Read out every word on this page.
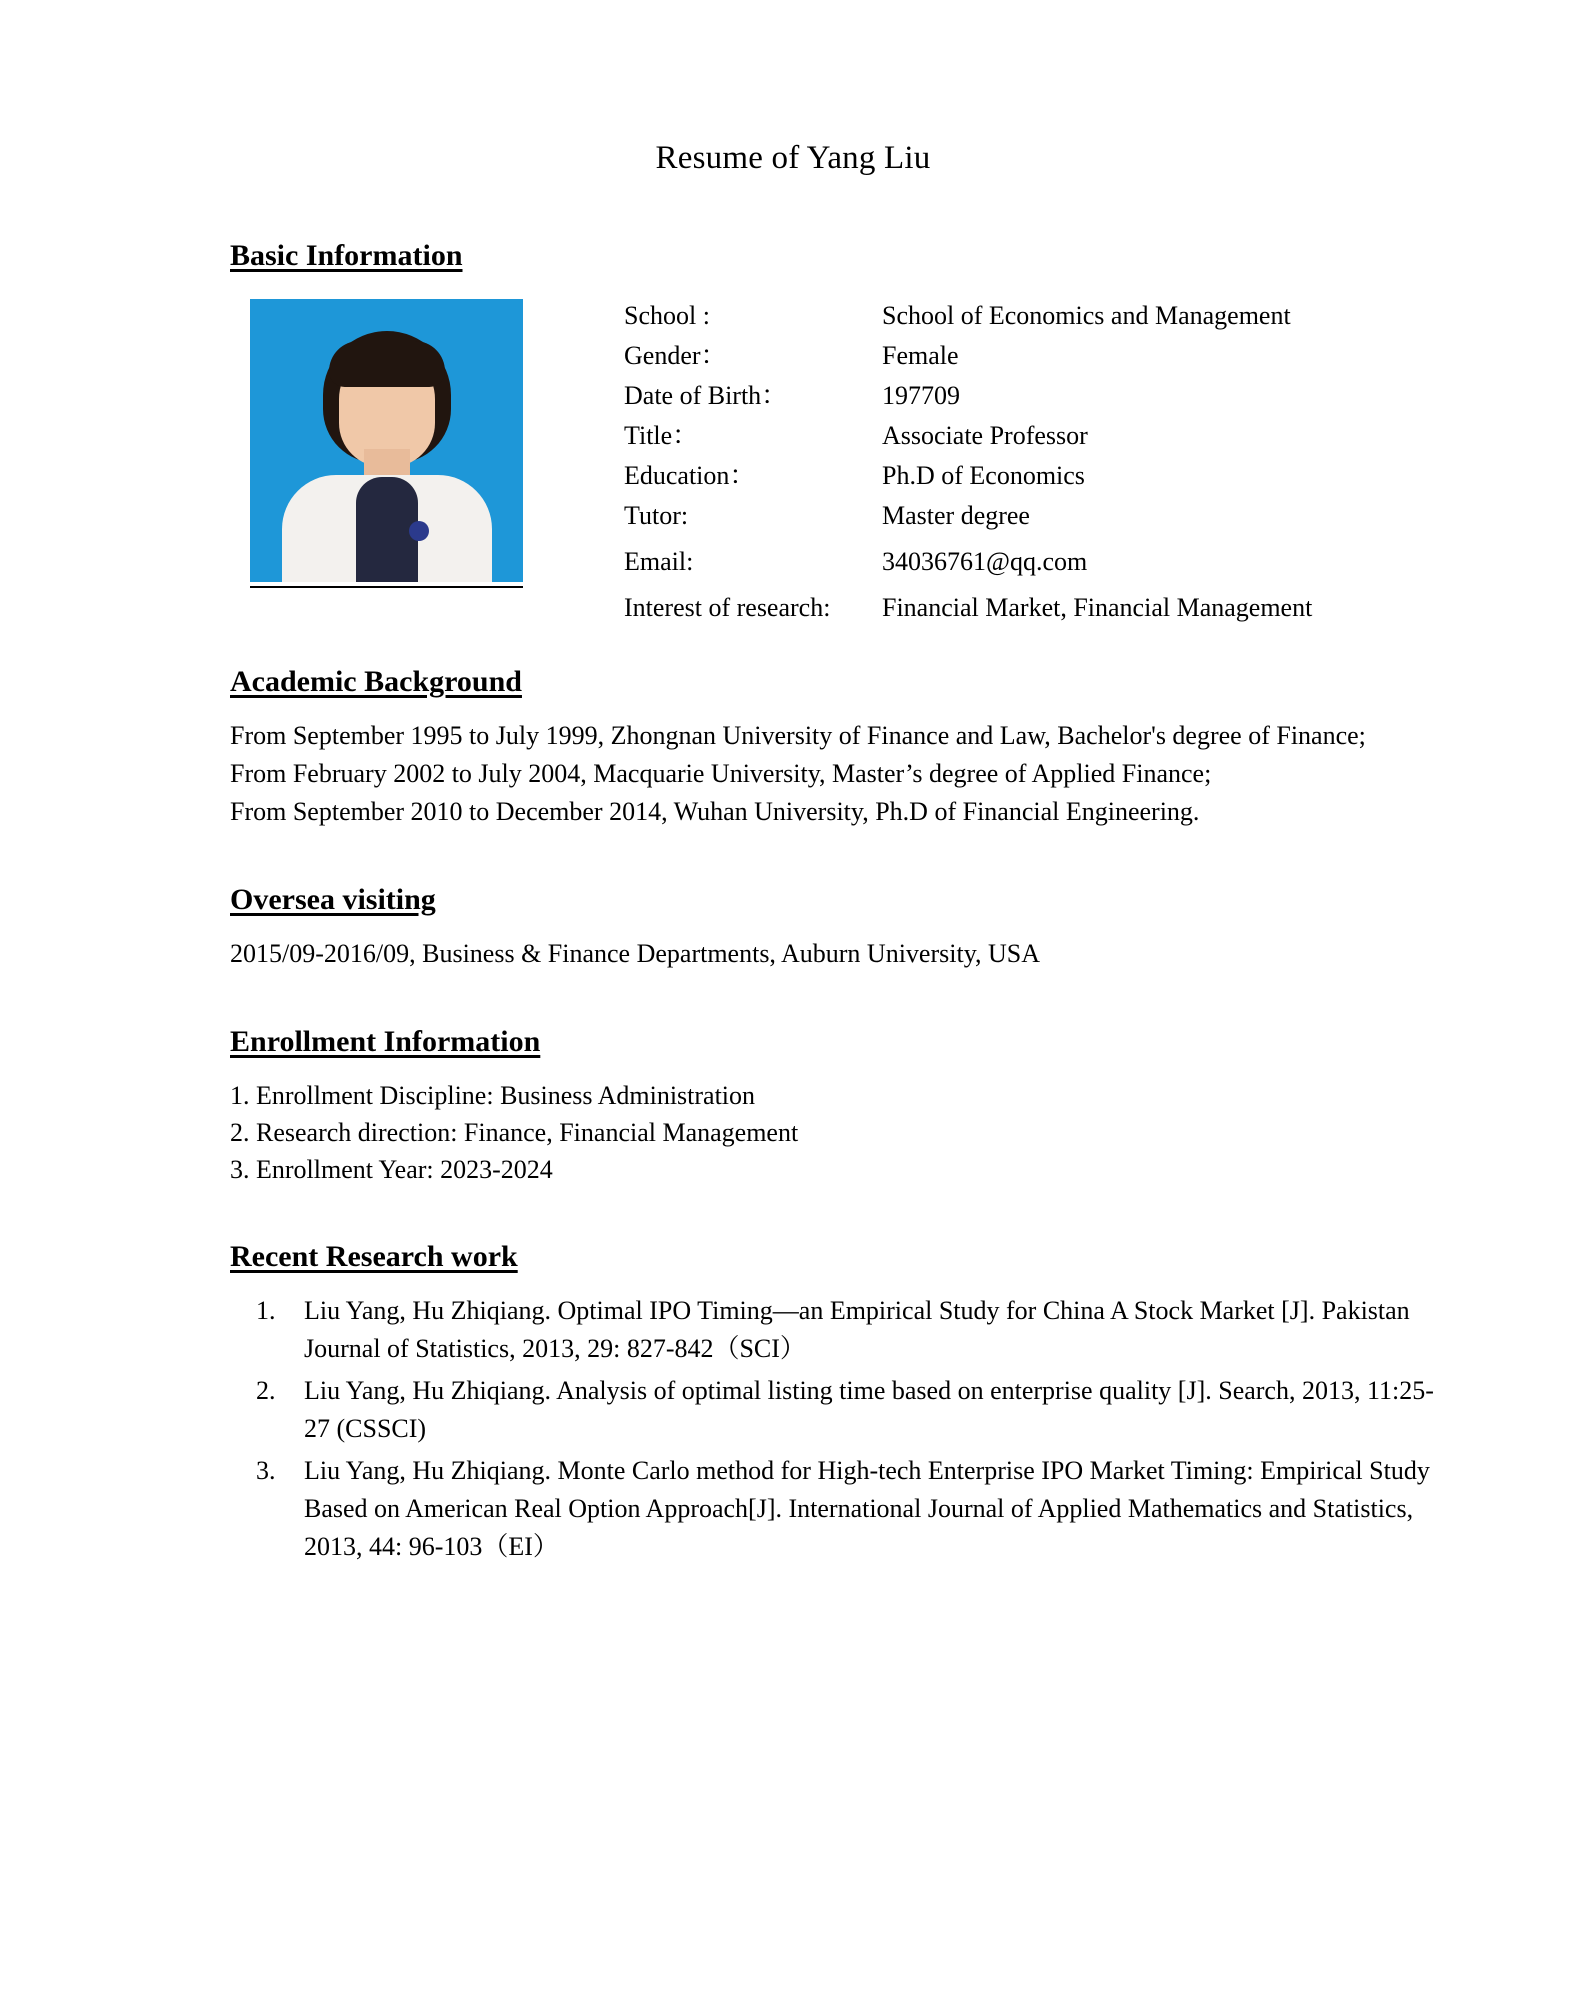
Resume of Yang Liu
Basic Information
School :	School of Economics and Management
Gender：	Female
Date of Birth：	197709
Title：	Associate Professor
Education：	Ph.D of Economics
Tutor:	Master degree
Email:	34036761@qq.com
Interest of research:	Financial Market, Financial Management
Academic Background

From September 1995 to July 1999, Zhongnan University of Finance and Law, Bachelor's degree of Finance;

From February 2002 to July 2004, Macquarie University, Master’s degree of Applied Finance;

From September 2010 to December 2014, Wuhan University, Ph.D of Financial Engineering.

Oversea visiting

2015/09-2016/09, Business & Finance Departments, Auburn University, USA

Enrollment Information
1. Enrollment Discipline: Business Administration
2. Research direction: Finance, Financial Management
3. Enrollment Year: 2023-2024
Recent Research work
1. Liu Yang, Hu Zhiqiang. Optimal IPO Timing—an Empirical Study for China A Stock Market [J]. Pakistan Journal of Statistics, 2013, 29: 827-842（SCI）
2. Liu Yang, Hu Zhiqiang. Analysis of optimal listing time based on enterprise quality [J]. Search, 2013, 11:25-27 (CSSCI)
3. Liu Yang, Hu Zhiqiang. Monte Carlo method for High-tech Enterprise IPO Market Timing: Empirical Study Based on American Real Option Approach[J]. International Journal of Applied Mathematics and Statistics, 2013, 44: 96-103（EI）
